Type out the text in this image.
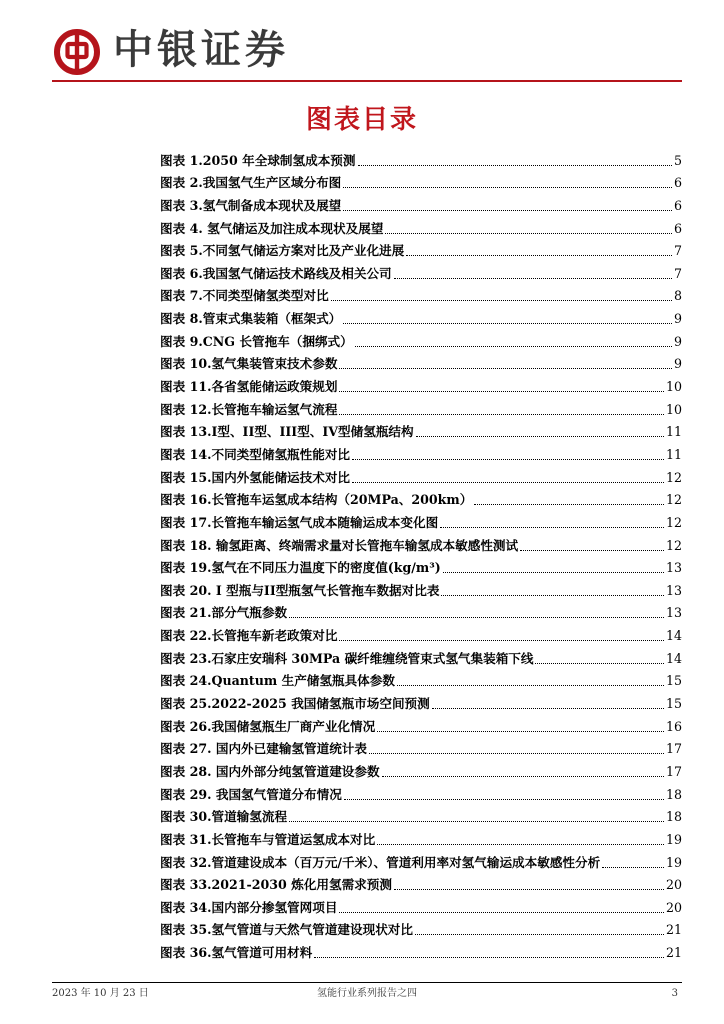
中银证券
图表目录
图表 1.2050 年全球制氢成本预测	5
图表 2.我国氢气生产区域分布图	6
图表 3.氢气制备成本现状及展望	6
图表 4. 氢气储运及加注成本现状及展望	6
图表 5.不同氢气储运方案对比及产业化进展	7
图表 6.我国氢气储运技术路线及相关公司	7
图表 7.不同类型储氢类型对比	8
图表 8.管束式集装箱（框架式）	9
图表 9.CNG 长管拖车（捆绑式）	9
图表 10.氢气集装管束技术参数	9
图表 11.各省氢能储运政策规划	10
图表 12.长管拖车输运氢气流程	10
图表 13.I型、II型、III型、IV型储氢瓶结构	11
图表 14.不同类型储氢瓶性能对比	11
图表 15.国内外氢能储运技术对比	12
图表 16.长管拖车运氢成本结构（20MPa、200km）	12
图表 17.长管拖车输运氢气成本随输运成本变化图	12
图表 18. 输氢距离、终端需求量对长管拖车输氢成本敏感性测试	12
图表 19.氢气在不同压力温度下的密度值(kg/m³)	13
图表 20. I 型瓶与II型瓶氢气长管拖车数据对比表	13
图表 21.部分气瓶参数	13
图表 22.长管拖车新老政策对比	14
图表 23.石家庄安瑞科 30MPa 碳纤维缠绕管束式氢气集装箱下线	14
图表 24.Quantum 生产储氢瓶具体参数	15
图表 25.2022-2025 我国储氢瓶市场空间预测	15
图表 26.我国储氢瓶生厂商产业化情况	16
图表 27. 国内外已建输氢管道统计表	17
图表 28. 国内外部分纯氢管道建设参数	17
图表 29. 我国氢气管道分布情况	18
图表 30.管道输氢流程	18
图表 31.长管拖车与管道运氢成本对比	19
图表 32.管道建设成本（百万元/千米）、管道利用率对氢气输运成本敏感性分析	19
图表 33.2021-2030 炼化用氢需求预测	20
图表 34.国内部分掺氢管网项目	20
图表 35.氢气管道与天然气管道建设现状对比	21
图表 36.氢气管道可用材料	21
2023 年 10 月 23 日	氢能行业系列报告之四	3
